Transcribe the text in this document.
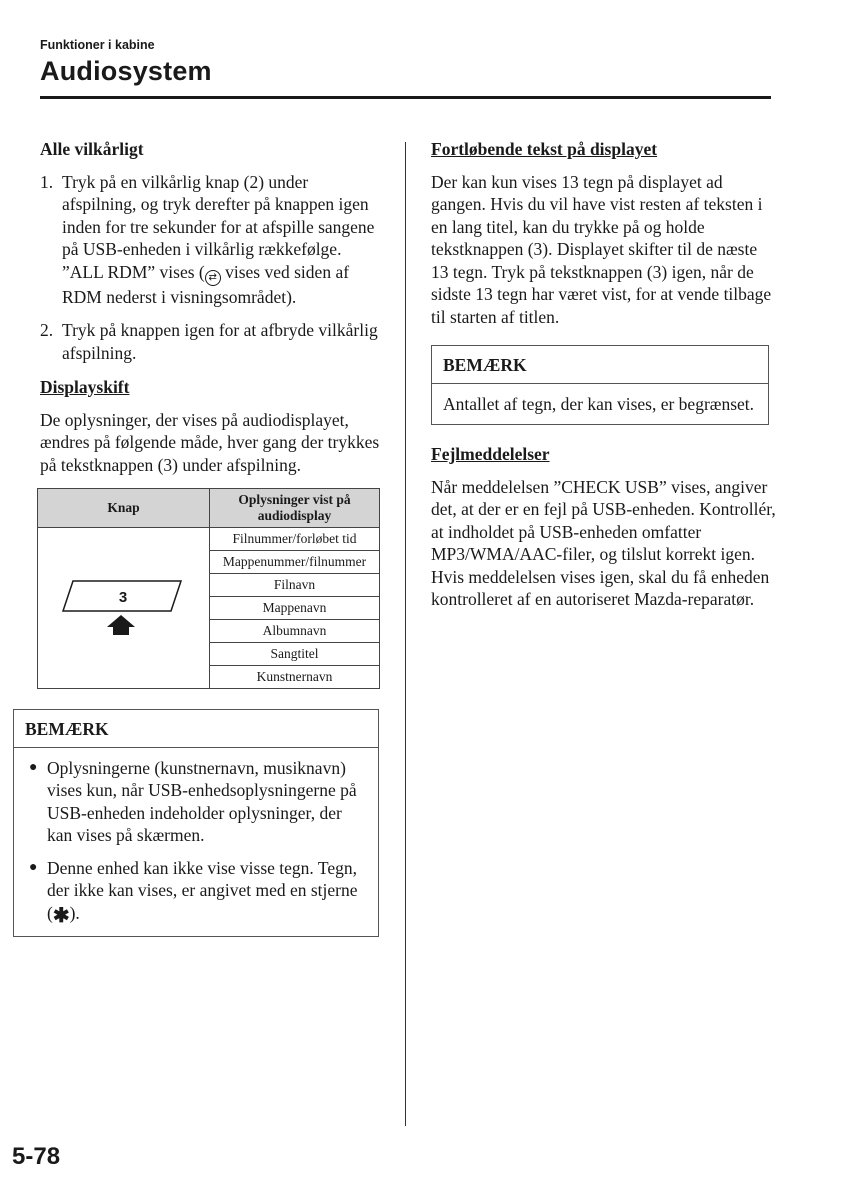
Funktioner i kabine
Audiosystem
Alle vilkårligt
1. Tryk på en vilkårlig knap (2) under afspilning, og tryk derefter på knappen igen inden for tre sekunder for at afspille sangene på USB-enheden i vilkårlig rækkefølge. ”ALL RDM” vises ( ⇄ vises ved siden af RDM nederst i visningsområdet).
2. Tryk på knappen igen for at afbryde vilkårlig afspilning.
Displayskift

De oplysninger, der vises på audiodisplayet, ændres på følgende måde, hver gang der trykkes på tekstknappen (3) under afspilning.

Knap	Oplysninger vist på audiodisplay

3	Filnummer/forløbet tid
	Mappenummer/filnummer
	Filnavn
	Mappenavn
	Albumnavn
	Sangtitel
	Kunstnernavn
BEMÆRK
● Oplysningerne (kunstnernavn, musiknavn) vises kun, når USB-enhedsoplysningerne på USB-enheden indeholder oplysninger, der kan vises på skærmen.
● Denne enhed kan ikke vise visse tegn. Tegn, der ikke kan vises, er angivet med en stjerne (✱).
Fortløbende tekst på displayet

Der kan kun vises 13 tegn på displayet ad gangen. Hvis du vil have vist resten af teksten i en lang titel, kan du trykke på og holde tekstknappen (3). Displayet skifter til de næste 13 tegn. Tryk på tekstknappen (3) igen, når de sidste 13 tegn har været vist, for at vende tilbage til starten af titlen.

BEMÆRK
Antallet af tegn, der kan vises, er begrænset.
Fejlmeddelelser

Når meddelelsen ”CHECK USB” vises, angiver det, at der er en fejl på USB-enheden. Kontrollér, at indholdet på USB-enheden omfatter MP3/WMA/AAC-filer, og tilslut korrekt igen. Hvis meddelelsen vises igen, skal du få enheden kontrolleret af en autoriseret Mazda-reparatør.

5-78
